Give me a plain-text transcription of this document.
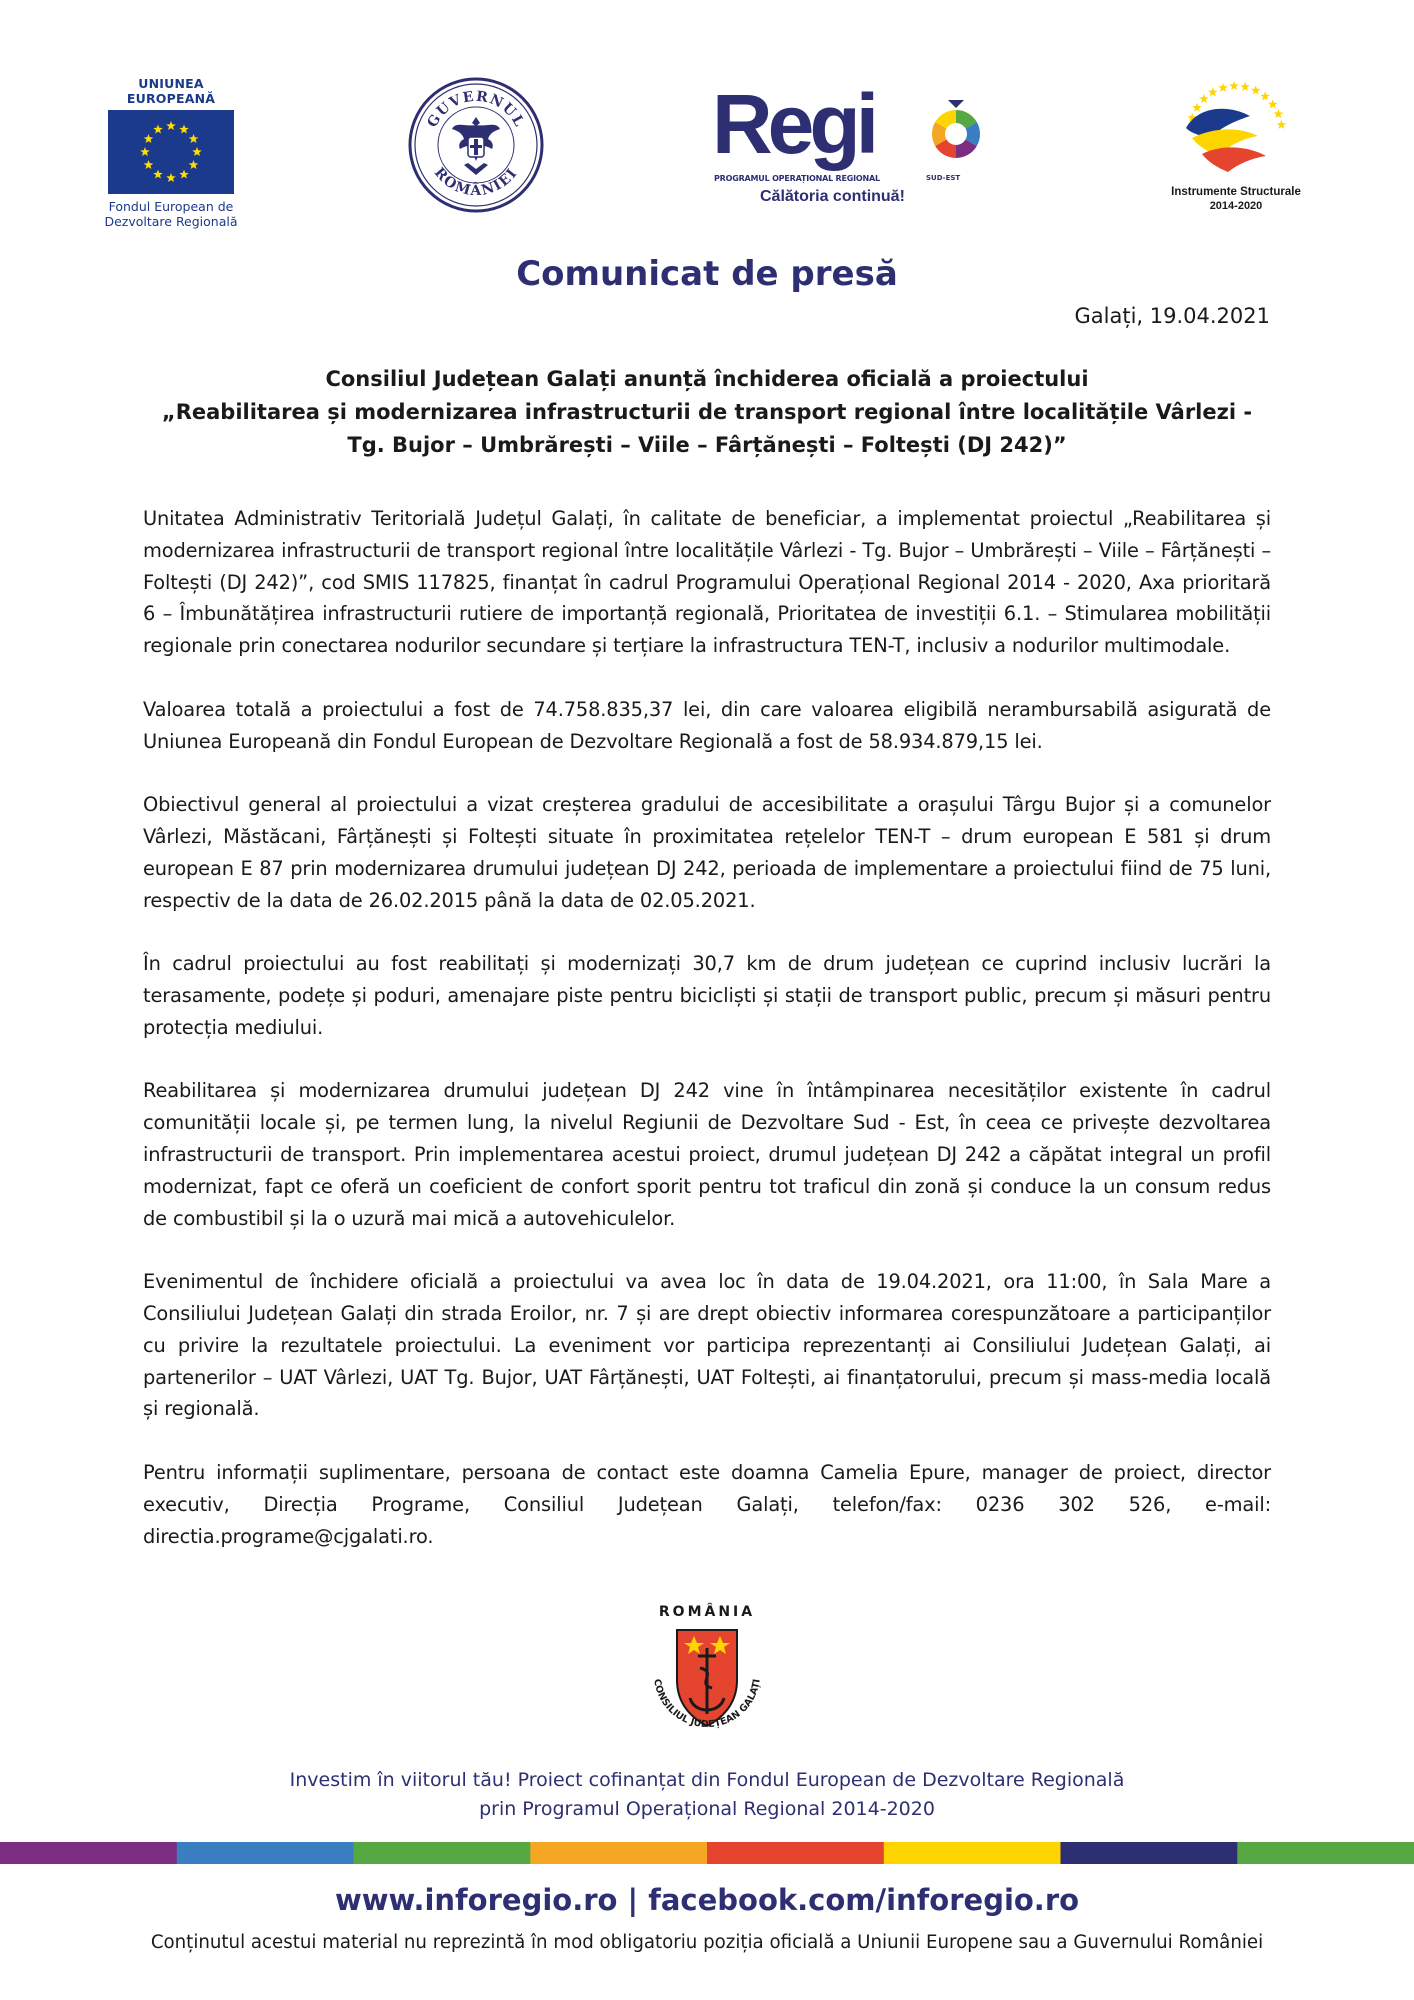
UNIUNEA EUROPEANĂ
Fondul European de
Dezvoltare Regională
GUVERNUL
ROMÂNIEI
Regi
PROGRAMUL OPERAȚIONAL REGIONAL	SUD-EST
Călătoria continuă!	Instrumente Structurale
2014-2020
Comunicat de presă
Galați, 19.04.2021
Consiliul Județean Galați anunță închiderea oficială a proiectului
„Reabilitarea și modernizarea infrastructurii de transport regional între localitățile Vârlezi -
Tg. Bujor – Umbrărești – Viile – Fârțănești – Foltești (DJ 242)”

Unitatea Administrativ Teritorială Județul Galați, în calitate de beneficiar, a implementat proiectul „Reabilitarea și modernizarea infrastructurii de transport regional între localitățile Vârlezi - Tg. Bujor – Umbrărești – Viile – Fârțănești – Foltești (DJ 242)”, cod SMIS 117825, finanțat în cadrul Programului Operațional Regional 2014 - 2020, Axa prioritară 6 – Îmbunătățirea infrastructurii rutiere de importanță regională, Prioritatea de investiții 6.1. – Stimularea mobilității regionale prin conectarea nodurilor secundare și terțiare la infrastructura TEN-T, inclusiv a nodurilor multimodale.

Valoarea totală a proiectului a fost de 74.758.835,37 lei, din care valoarea eligibilă nerambursabilă asigurată de Uniunea Europeană din Fondul European de Dezvoltare Regională a fost de 58.934.879,15 lei.

Obiectivul general al proiectului a vizat creșterea gradului de accesibilitate a orașului Târgu Bujor și a comunelor Vârlezi, Măstăcani, Fârțănești și Foltești situate în proximitatea rețelelor TEN-T – drum european E 581 și drum european E 87 prin modernizarea drumului județean DJ 242, perioada de implementare a proiectului fiind de 75 luni, respectiv de la data de 26.02.2015 până la data de 02.05.2021.

În cadrul proiectului au fost reabilitați și modernizați 30,7 km de drum județean ce cuprind inclusiv lucrări la terasamente, podețe și poduri, amenajare piste pentru bicicliști și stații de transport public, precum și măsuri pentru protecția mediului.

Reabilitarea și modernizarea drumului județean DJ 242 vine în întâmpinarea necesităților existente în cadrul comunității locale și, pe termen lung, la nivelul Regiunii de Dezvoltare Sud - Est, în ceea ce privește dezvoltarea infrastructurii de transport. Prin implementarea acestui proiect, drumul județean DJ 242 a căpătat integral un profil modernizat, fapt ce oferă un coeficient de confort sporit pentru tot traficul din zonă și conduce la un consum redus de combustibil și la o uzură mai mică a autovehiculelor.

Evenimentul de închidere oficială a proiectului va avea loc în data de 19.04.2021, ora 11:00, în Sala Mare a Consiliului Județean Galați din strada Eroilor, nr. 7 și are drept obiectiv informarea corespunzătoare a participanților cu privire la rezultatele proiectului. La eveniment vor participa reprezentanți ai Consiliului Județean Galați, ai partenerilor – UAT Vârlezi, UAT Tg. Bujor, UAT Fârțănești, UAT Foltești, ai finanțatorului, precum și mass-media locală și regională.

Pentru informații suplimentare, persoana de contact este doamna Camelia Epure, manager de proiect, director executiv, Direcția Programe, Consiliul Județean Galați, telefon/fax: 0236 302 526, e-mail: directia.programe@cjgalati.ro.

ROMÂNIA
CONSILIUL JUDEȚEAN GALAȚI
Investim în viitorul tău! Proiect cofinanțat din Fondul European de Dezvoltare Regională
prin Programul Operațional Regional 2014-2020
www.inforegio.ro | facebook.com/inforegio.ro
Conținutul acestui material nu reprezintă în mod obligatoriu poziția oficială a Uniunii Europene sau a Guvernului României
